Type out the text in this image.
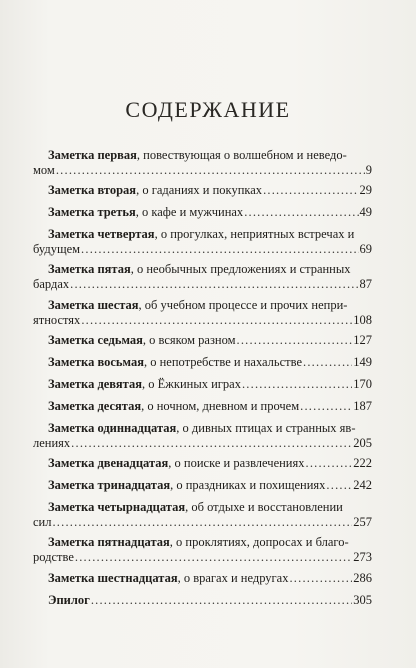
СОДЕРЖАНИЕ
Заметка первая, повествующая о волшебном и неведо-
мом .....	9
Заметка вторая, о гаданиях и покупках .....	29
Заметка третья, о кафе и мужчинах .....	49
Заметка четвертая, о прогулках, неприятных встречах и
будущем .....	69
Заметка пятая, о необычных предложениях и странных
бардах .....	87
Заметка шестая, об учебном процессе и прочих непри-
ятностях .....	108
Заметка седьмая, о всяком разном .....	127
Заметка восьмая, о непотребстве и нахальстве .....	149
Заметка девятая, о Ёжкиных играх .....	170
Заметка десятая, о ночном, дневном и прочем .....	187
Заметка одиннадцатая, о дивных птицах и странных яв-
лениях .....	205
Заметка двенадцатая, о поиске и развлечениях .....	222
Заметка тринадцатая, о праздниках и похищениях ..... 242
Заметка четырнадцатая, об отдыхе и восстановлении
сил .....	257
Заметка пятнадцатая, о проклятиях, допросах и благо-
родстве .....	273
Заметка шестнадцатая, о врагах и недругах .....	286
Эпилог .....	305
